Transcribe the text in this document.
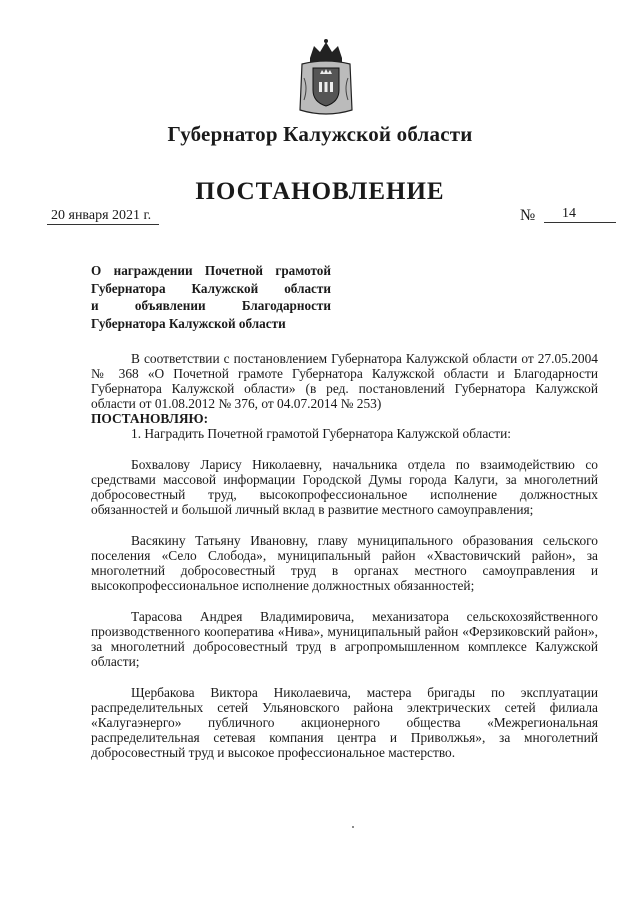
Губернатор Калужской области
ПОСТАНОВЛЕНИЕ
20 января 2021 г.	№	14

О награждении Почетной грамотой

Губернатора Калужской области

и объявлении Благодарности

Губернатора Калужской области

В соответствии с постановлением Губернатора Калужской области от 27.05.2004 № 368 «О Почетной грамоте Губернатора Калужской области и Благодарности Губернатора Калужской области» (в ред. постановлений Губернатора Калужской области от 01.08.2012 № 376, от 04.07.2014 № 253)

ПОСТАНОВЛЯЮ:

1. Наградить Почетной грамотой Губернатора Калужской области:

Бохвалову Ларису Николаевну, начальника отдела по взаимодействию со средствами массовой информации Городской Думы города Калуги, за многолетний добросовестный труд, высокопрофессиональное исполнение должностных обязанностей и большой личный вклад в развитие местного самоуправления;

Васякину Татьяну Ивановну, главу муниципального образования сельского поселения «Село Слобода», муниципальный район «Хвастовичский район», за многолетний добросовестный труд в органах местного самоуправления и высокопрофессиональное исполнение должностных обязанностей;

Тарасова Андрея Владимировича, механизатора сельскохозяйственного производственного кооператива «Нива», муниципальный район «Ферзиковский район», за многолетний добросовестный труд в агропромышленном комплексе Калужской области;

Щербакова Виктора Николаевича, мастера бригады по эксплуатации распределительных сетей Ульяновского района электрических сетей филиала «Калугаэнерго» публичного акционерного общества «Межрегиональная распределительная сетевая компания центра и Приволжья», за многолетний добросовестный труд и высокое профессиональное мастерство.
